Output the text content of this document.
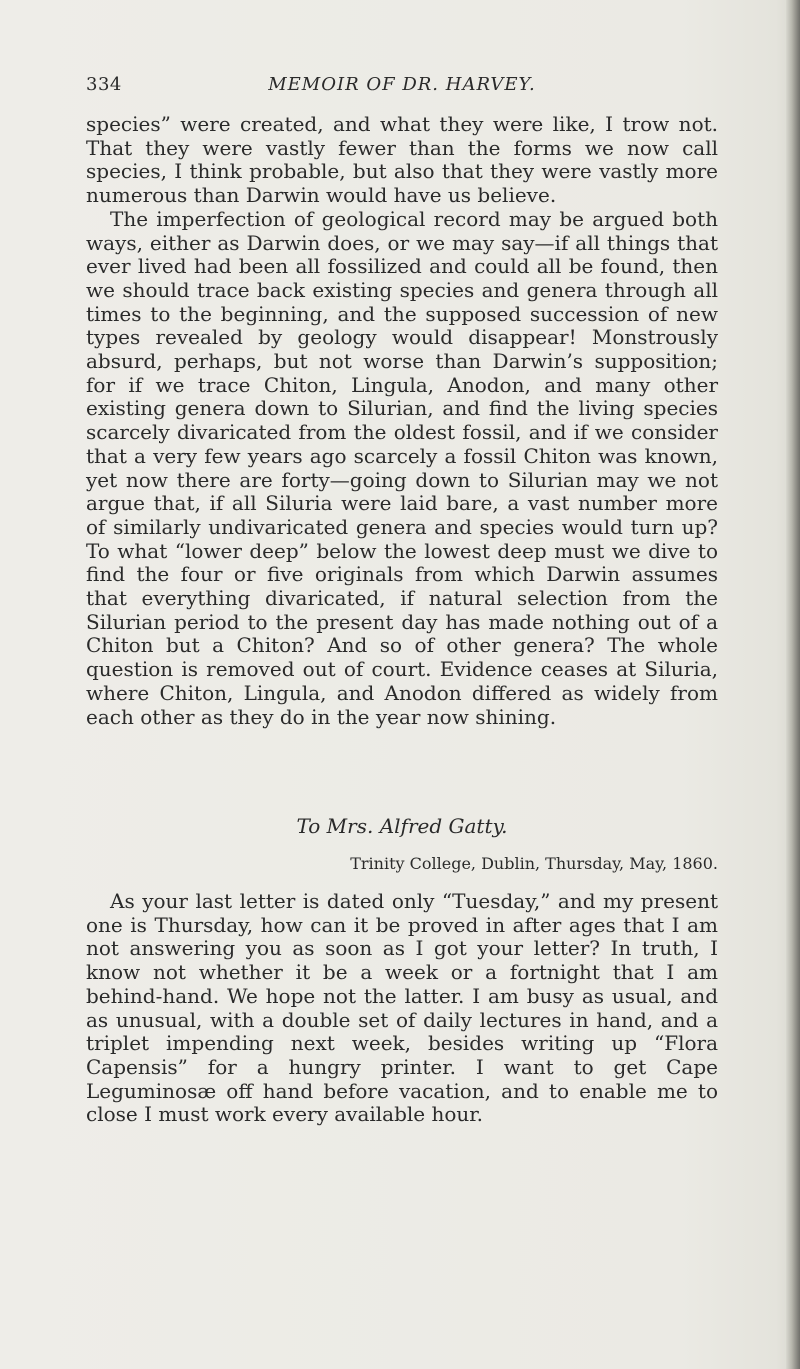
334	MEMOIR OF DR. HARVEY.

species” were created, and what they were like, I trow not. That they were vastly fewer than the forms we now call species, I think probable, but also that they were vastly more numerous than Darwin would have us believe.

The imperfection of geological record may be argued both ways, either as Darwin does, or we may say—if all things that ever lived had been all fossilized and could all be found, then we should trace back existing species and genera through all times to the beginning, and the supposed succession of new types revealed by geology would disappear! Monstrously absurd, perhaps, but not worse than Darwin’s supposition; for if we trace Chiton, Lingula, Anodon, and many other existing genera down to Silurian, and find the living species scarcely divaricated from the oldest fossil, and if we consider that a very few years ago scarcely a fossil Chiton was known, yet now there are forty—going down to Silurian may we not argue that, if all Siluria were laid bare, a vast number more of similarly undivaricated genera and species would turn up? To what “lower deep” below the lowest deep must we dive to find the four or five originals from which Darwin assumes that everything divaricated, if natural selection from the Silurian period to the present day has made nothing out of a Chiton but a Chiton? And so of other genera? The whole question is removed out of court. Evidence ceases at Siluria, where Chiton, Lingula, and Anodon differed as widely from each other as they do in the year now shining.

To Mrs. Alfred Gatty.
Trinity College, Dublin, Thursday, May, 1860.

As your last letter is dated only “Tuesday,” and my present one is Thursday, how can it be proved in after ages that I am not answering you as soon as I got your letter? In truth, I know not whether it be a week or a fortnight that I am behind-hand. We hope not the latter. I am busy as usual, and as unusual, with a double set of daily lectures in hand, and a triplet impending next week, besides writing up “Flora Capensis” for a hungry printer. I want to get Cape Leguminosæ off hand before vacation, and to enable me to close I must work every available hour.
